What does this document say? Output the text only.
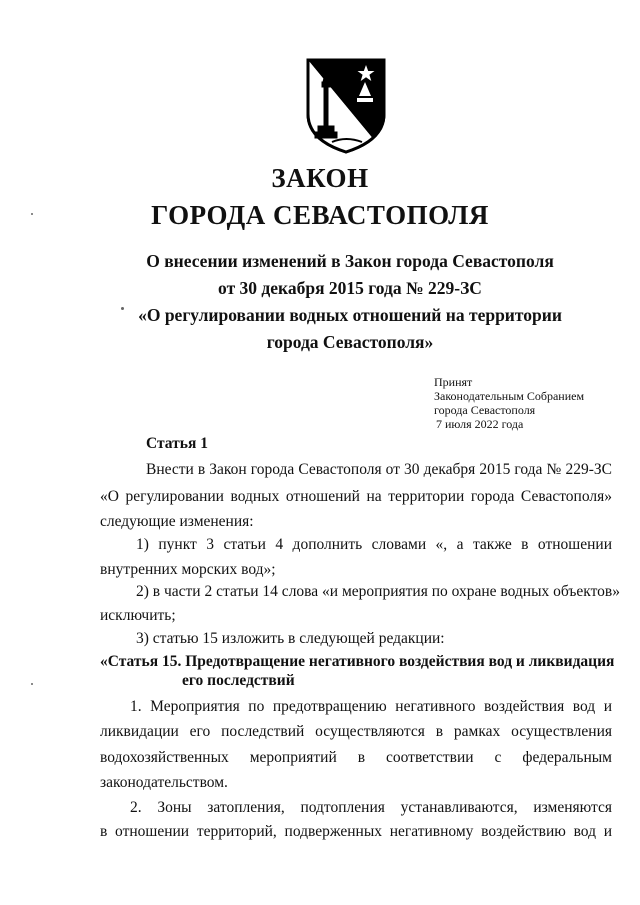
ЗАКОН
ГОРОДА СЕВАСТОПОЛЯ
О внесении изменений в Закон города Севастополя
от 30 декабря 2015 года № 229-ЗС
«О регулировании водных отношений на территории
города Севастополя»
Принят
Законодательным Собранием
города Севастополя
7 июля 2022 года
Статья 1
Внести в Закон города Севастополя от 30 декабря 2015 года № 229-ЗС
«О регулировании водных отношений на территории города Севастополя»
следующие изменения:
1) пункт 3 статьи 4 дополнить словами «, а также в отношении
внутренних морских вод»;
2) в части 2 статьи 14 слова «и мероприятия по охране водных объектов»
исключить;
3) статью 15 изложить в следующей редакции:
«Статья 15. Предотвращение негативного воздействия вод и ликвидация
его последствий
1. Мероприятия по предотвращению негативного воздействия вод и
ликвидации его последствий осуществляются в рамках осуществления
водохозяйственных мероприятий в соответствии с федеральным
законодательством.
2. Зоны затопления, подтопления устанавливаются, изменяются
в отношении территорий, подверженных негативному воздействию вод и
